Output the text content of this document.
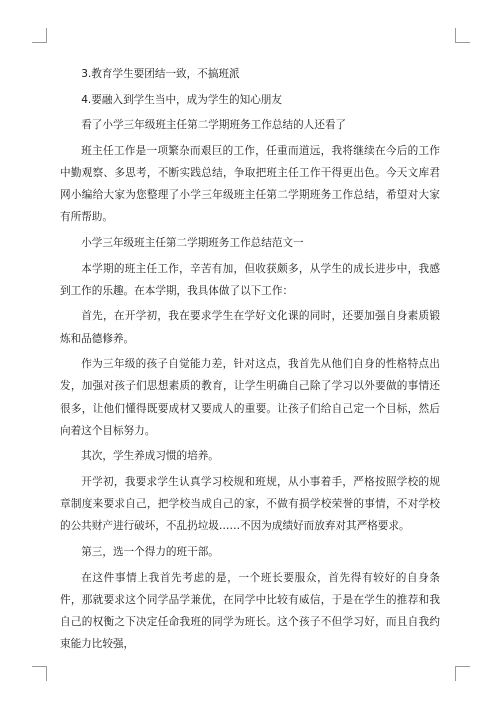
3.教育学生要团结一致，不搞班派

4.要融入到学生当中，成为学生的知心朋友

看了小学三年级班主任第二学期班务工作总结的人还看了

班主任工作是一项繁杂而艰巨的工作，任重而道远，我将继续在今后的工作中勤观察、多思考，不断实践总结，争取把班主任工作干得更出色。今天文库君网小编给大家为您整理了小学三年级班主任第二学期班务工作总结，希望对大家有所帮助。

小学三年级班主任第二学期班务工作总结范文一

本学期的班主任工作，辛苦有加，但收获颇多，从学生的成长进步中，我感到工作的乐趣。在本学期，我具体做了以下工作：

首先，在开学初，我在要求学生在学好文化课的同时，还要加强自身素质锻炼和品德修养。

作为三年级的孩子自觉能力差，针对这点，我首先从他们自身的性格特点出发，加强对孩子们思想素质的教育，让学生明确自己除了学习以外要做的事情还很多，让他们懂得既要成材又要成人的重要。让孩子们给自己定一个目标，然后向着这个目标努力。

其次，学生养成习惯的培养。

开学初，我要求学生认真学习校规和班规，从小事着手，严格按照学校的规章制度来要求自己，把学校当成自己的家，不做有损学校荣誉的事情，不对学校的公共财产进行破坏，不乱扔垃圾……不因为成绩好而放弃对其严格要求。

第三，选一个得力的班干部。

在这件事情上我首先考虑的是，一个班长要服众，首先得有较好的自身条件，那就要求这个同学品学兼优，在同学中比较有威信，于是在学生的推荐和我自己的权衡之下决定任命我班的同学为班长。这个孩子不但学习好，而且自我约束能力比较强，
